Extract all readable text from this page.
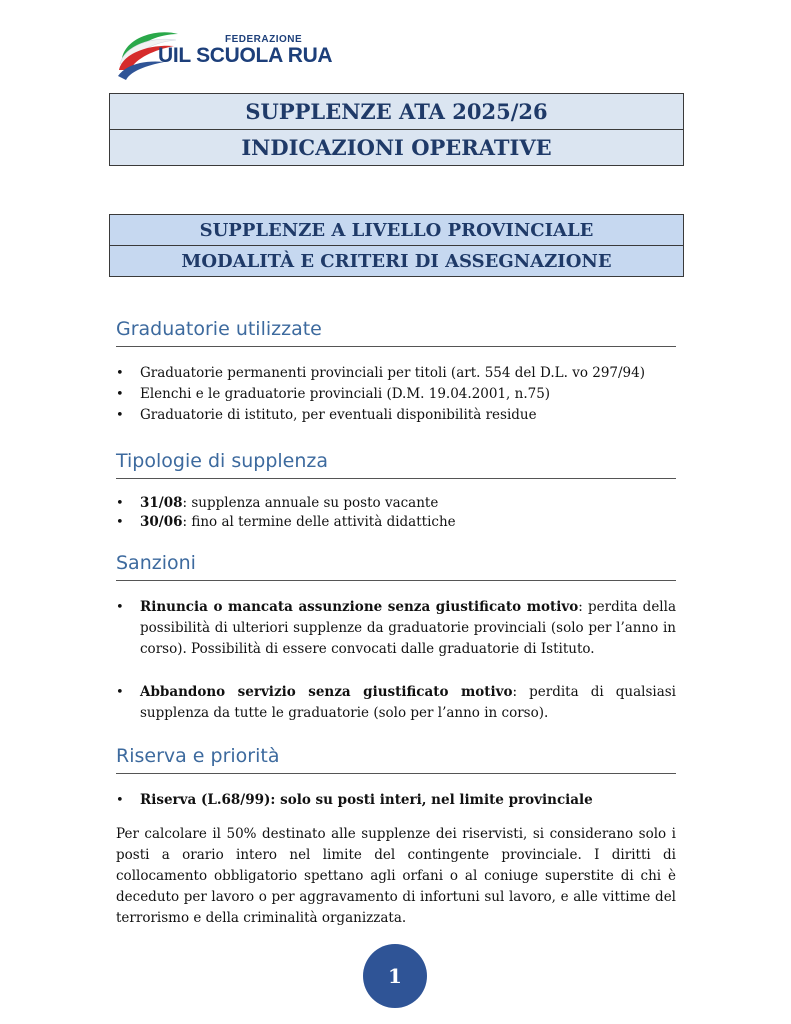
FEDERAZIONE
UIL SCUOLA RUA
SUPPLENZE ATA 2025/26
INDICAZIONI OPERATIVE
SUPPLENZE A LIVELLO PROVINCIALE
MODALITÀ E CRITERI DI ASSEGNAZIONE
Graduatorie utilizzate
• Graduatorie permanenti provinciali per titoli (art. 554 del D.L. vo 297/94)
• Elenchi e le graduatorie provinciali (D.M. 19.04.2001, n.75)
• Graduatorie di istituto, per eventuali disponibilità residue
Tipologie di supplenza
• 31/08: supplenza annuale su posto vacante
• 30/06: fino al termine delle attività didattiche
Sanzioni
• Rinuncia o mancata assunzione senza giustificato motivo: perdita della possibilità di ulteriori supplenze da graduatorie provinciali (solo per l’anno in corso). Possibilità di essere convocati dalle graduatorie di Istituto.
• Abbandono servizio senza giustificato motivo: perdita di qualsiasi supplenza da tutte le graduatorie (solo per l’anno in corso).
Riserva e priorità
• Riserva (L.68/99): solo su posti interi, nel limite provinciale
Per calcolare il 50% destinato alle supplenze dei riservisti, si considerano solo i posti a orario intero nel limite del contingente provinciale. I diritti di collocamento obbligatorio spettano agli orfani o al coniuge superstite di chi è deceduto per lavoro o per aggravamento di infortuni sul lavoro, e alle vittime del terrorismo e della criminalità organizzata.
1
